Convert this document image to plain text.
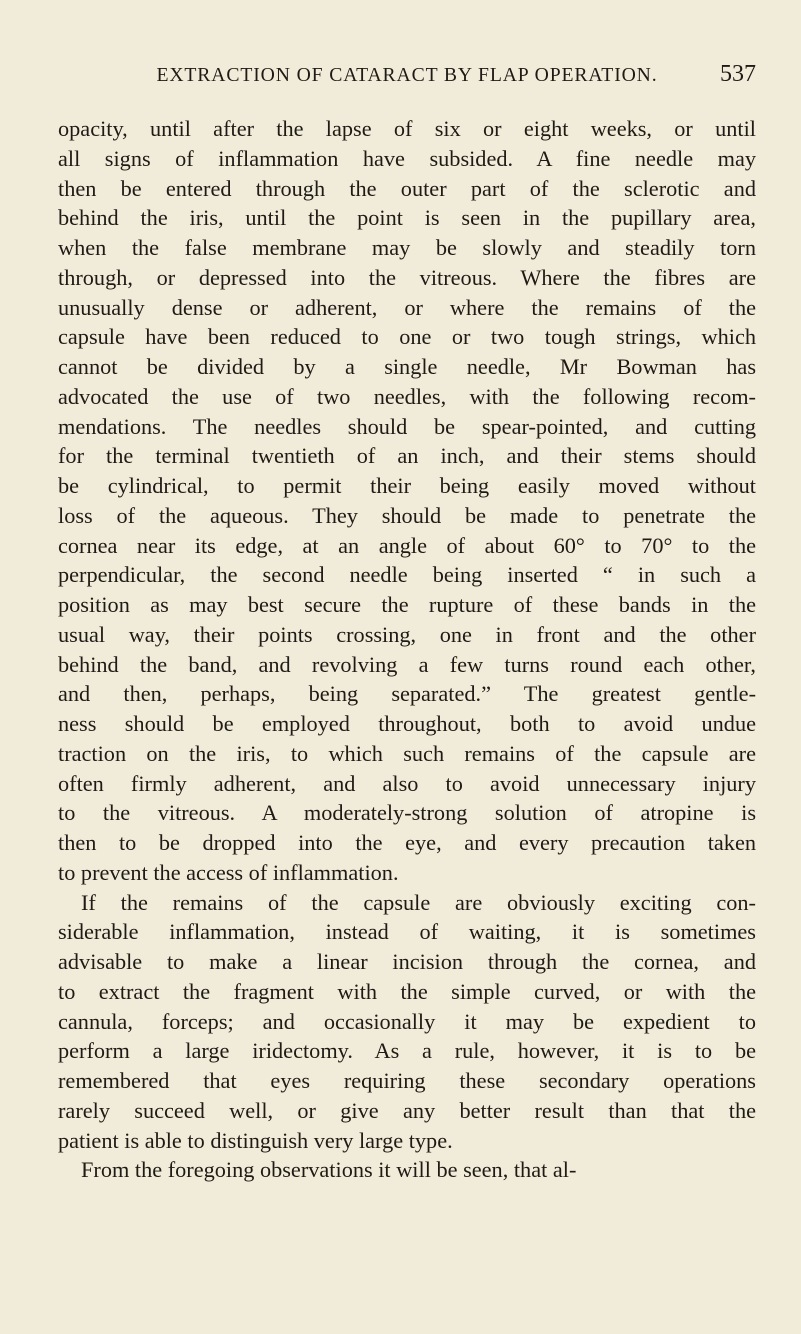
EXTRACTION OF CATARACT BY FLAP OPERATION.	537
opacity, until after the lapse of six or eight weeks, or until
all signs of inflammation have subsided. A fine needle may
then be entered through the outer part of the sclerotic and
behind the iris, until the point is seen in the pupillary area,
when the false membrane may be slowly and steadily torn
through, or depressed into the vitreous. Where the fibres are
unusually dense or adherent, or where the remains of the
capsule have been reduced to one or two tough strings, which
cannot be divided by a single needle, Mr Bowman has
advocated the use of two needles, with the following recom-
mendations. The needles should be spear-pointed, and cutting
for the terminal twentieth of an inch, and their stems should
be cylindrical, to permit their being easily moved without
loss of the aqueous. They should be made to penetrate the
cornea near its edge, at an angle of about 60° to 70° to the
perpendicular, the second needle being inserted “ in such a
position as may best secure the rupture of these bands in the
usual way, their points crossing, one in front and the other
behind the band, and revolving a few turns round each other,
and then, perhaps, being separated.” The greatest gentle-
ness should be employed throughout, both to avoid undue
traction on the iris, to which such remains of the capsule are
often firmly adherent, and also to avoid unnecessary injury
to the vitreous. A moderately-strong solution of atropine is
then to be dropped into the eye, and every precaution taken
to prevent the access of inflammation.
If the remains of the capsule are obviously exciting con-
siderable inflammation, instead of waiting, it is sometimes
advisable to make a linear incision through the cornea, and
to extract the fragment with the simple curved, or with the
cannula, forceps; and occasionally it may be expedient to
perform a large iridectomy. As a rule, however, it is to be
remembered that eyes requiring these secondary operations
rarely succeed well, or give any better result than that the
patient is able to distinguish very large type.
From the foregoing observations it will be seen, that al-
